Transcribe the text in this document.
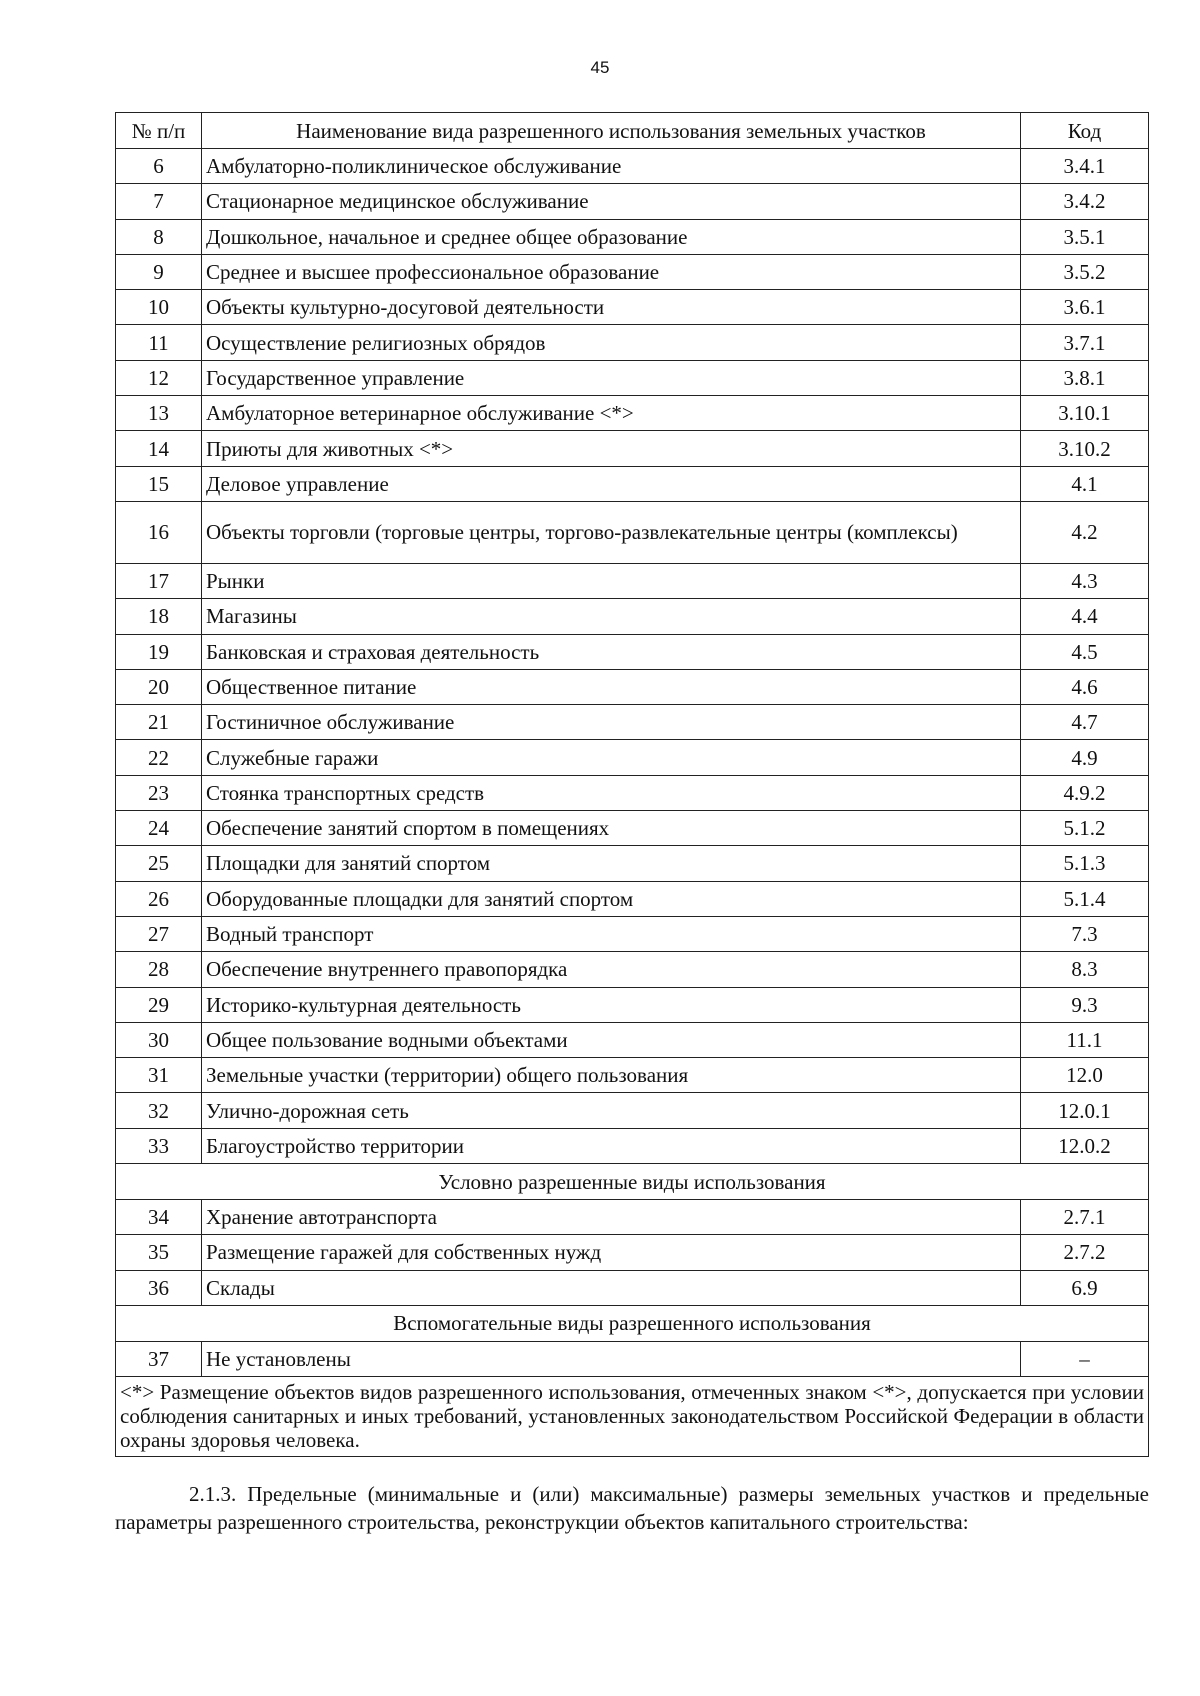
45
№ п/п	Наименование вида разрешенного использования земельных участков	Код
6	Амбулаторно-поликлиническое обслуживание	3.4.1
7	Стационарное медицинское обслуживание	3.4.2
8	Дошкольное, начальное и среднее общее образование	3.5.1
9	Среднее и высшее профессиональное образование	3.5.2
10	Объекты культурно-досуговой деятельности	3.6.1
11	Осуществление религиозных обрядов	3.7.1
12	Государственное управление	3.8.1
13	Амбулаторное ветеринарное обслуживание <*>	3.10.1
14	Приюты для животных <*>	3.10.2
15	Деловое управление	4.1
16	Объекты торговли (торговые центры, торгово-развлекательные центры (комплексы)	4.2
17	Рынки	4.3
18	Магазины	4.4
19	Банковская и страховая деятельность	4.5
20	Общественное питание	4.6
21	Гостиничное обслуживание	4.7
22	Служебные гаражи	4.9
23	Стоянка транспортных средств	4.9.2
24	Обеспечение занятий спортом в помещениях	5.1.2
25	Площадки для занятий спортом	5.1.3
26	Оборудованные площадки для занятий спортом	5.1.4
27	Водный транспорт	7.3
28	Обеспечение внутреннего правопорядка	8.3
29	Историко-культурная деятельность	9.3
30	Общее пользование водными объектами	11.1
31	Земельные участки (территории) общего пользования	12.0
32	Улично-дорожная сеть	12.0.1
33	Благоустройство территории	12.0.2
Условно разрешенные виды использования		
34	Хранение автотранспорта	2.7.1
35	Размещение гаражей для собственных нужд	2.7.2
36	Склады	6.9
Вспомогательные виды разрешенного использования		
37	Не установлены	–
<*> Размещение объектов видов разрешенного использования, отмеченных знаком <*>, допускается при условии соблюдения санитарных и иных требований, установленных законодательством Российской Федерации в области охраны здоровья человека.		
2.1.3. Предельные (минимальные и (или) максимальные) размеры земельных участков и предельные параметры разрешенного строительства, реконструкции объектов капитального строительства:
